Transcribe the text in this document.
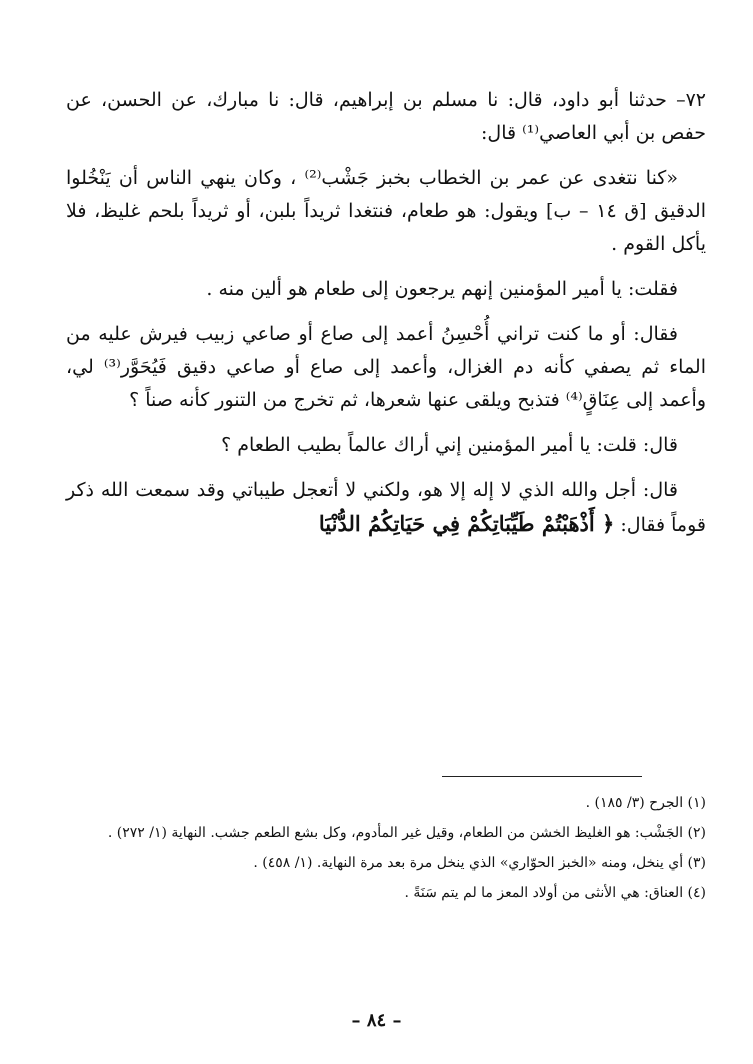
٧٢– حدثنا أبو داود، قال: نا مسلم بن إبراهيم، قال: نا مبارك، عن الحسن، عن حفص بن أبي العاصي⁽¹⁾ قال:

«كنا نتغدى عن عمر بن الخطاب بخبز جَشْب⁽²⁾ ، وكان ينهي الناس أن يَنْخُلوا الدقيق [ق ١٤ – ب] ويقول: هو طعام، فنتغدا ثريداً بلبن، أو ثريداً بلحم غليظ، فلا يأكل القوم .

فقلت: يا أمير المؤمنين إنهم يرجعون إلى طعام هو ألين منه .

فقال: أو ما كنت تراني أُحْسِنُ أعمد إلى صاع أو صاعي زبيب فيرش عليه من الماء ثم يصفي كأنه دم الغزال، وأعمد إلى صاع أو صاعي دقيق فَيُحَوَّر⁽³⁾ لي، وأعمد إلى عِنَاقٍ⁽⁴⁾ فتذبح ويلقى عنها شعرها، ثم تخرج من التنور كأنه صناً ؟

قال: قلت: يا أمير المؤمنين إني أراك عالماً بطيب الطعام ؟

قال: أجل والله الذي لا إله إلا هو، ولكني لا أتعجل طيباتي وقد سمعت الله ذكر قوماً فقال: ﴿ أَذْهَبْتُمْ طَيِّبَاتِكُمْ فِي حَيَاتِكُمُ الدُّنْيَا

(١) الجرح (٣/ ١٨٥) .

(٢) الجَشْب: هو الغليظ الخشن من الطعام، وقيل غير المأدوم، وكل بشع الطعم جشب. النهاية (١/ ٢٧٢) .

(٣) أي ينخل، ومنه «الخبز الحوّاري» الذي ينخل مرة بعد مرة النهاية. (١/ ٤٥٨) .

(٤) العناق: هي الأنثى من أولاد المعز ما لم يتم سَنَةً .

– ٨٤ –
